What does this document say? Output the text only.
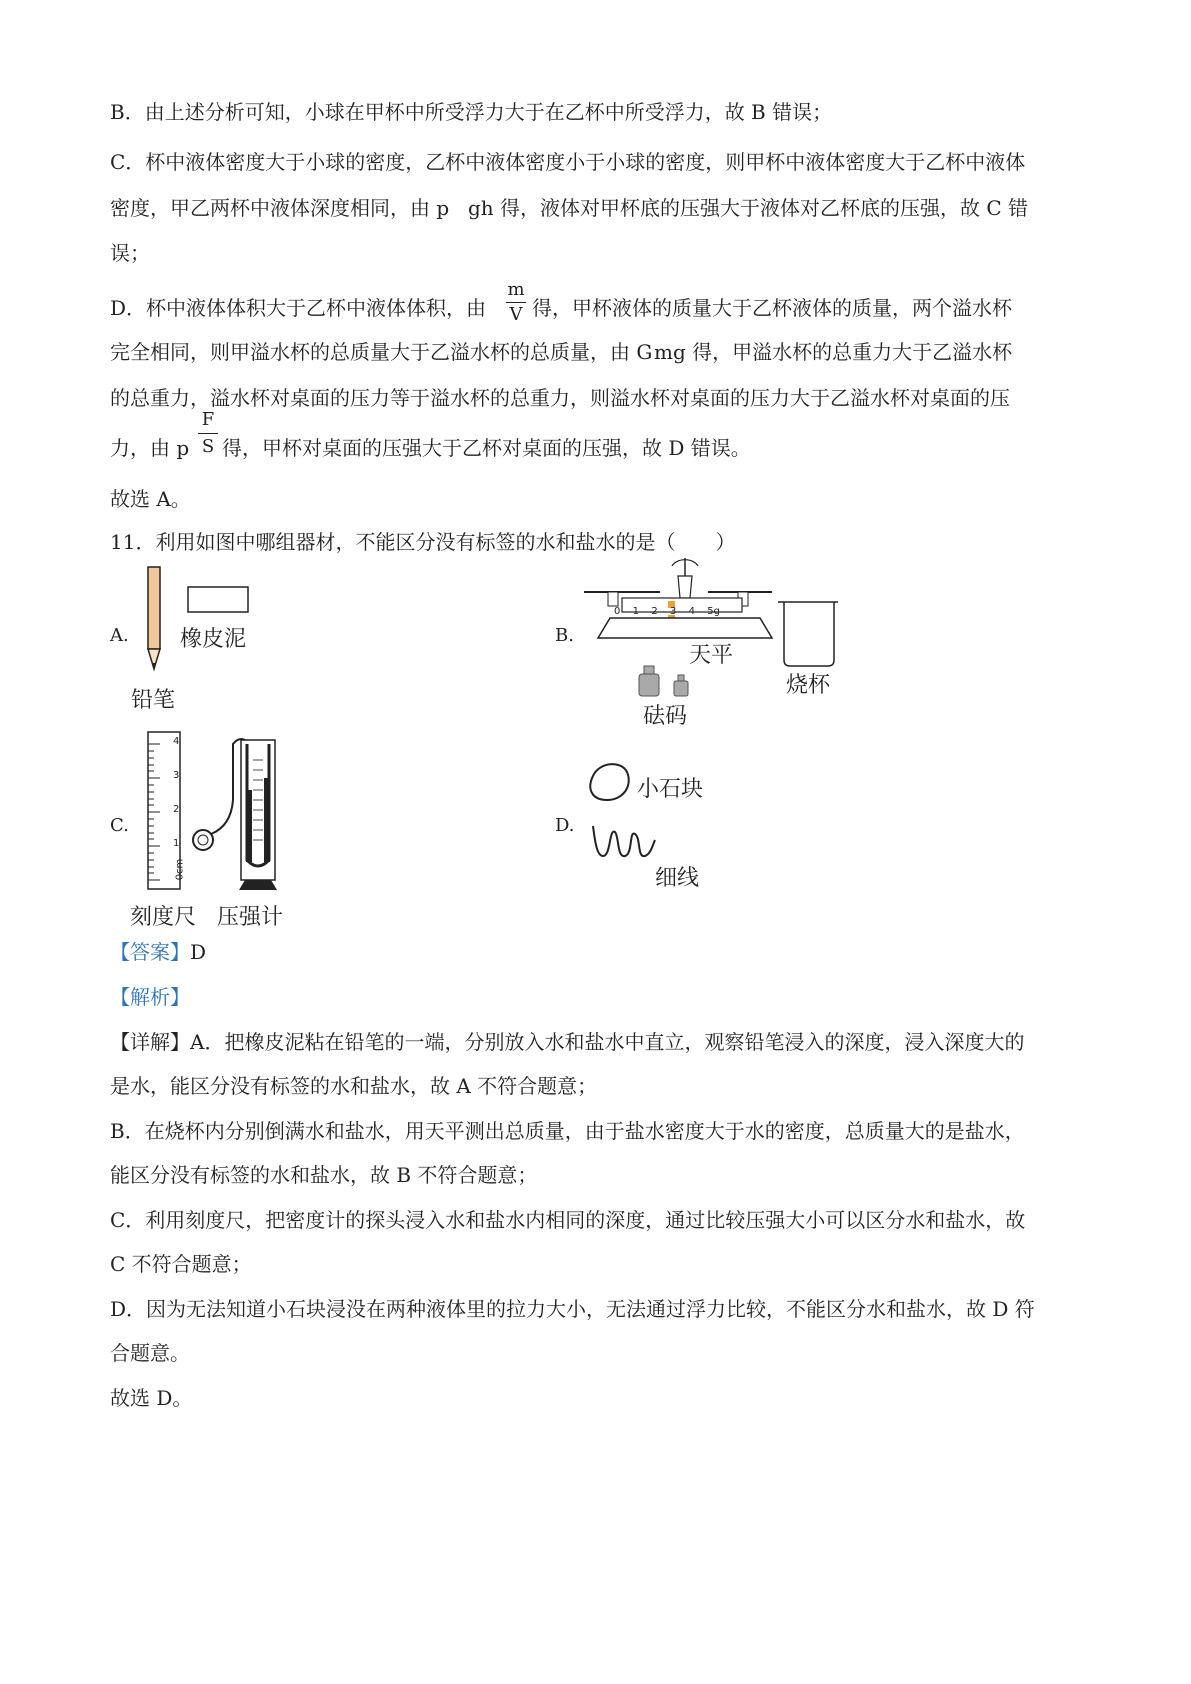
B．由上述分析可知，小球在甲杯中所受浮力大于在乙杯中所受浮力，故 B 错误；
C．杯中液体密度大于小球的密度，乙杯中液体密度小于小球的密度，则甲杯中液体密度大于乙杯中液体
密度，甲乙两杯中液体深度相同，由 p gh 得，液体对甲杯底的压强大于液体对乙杯底的压强，故 C 错
误；
D．杯中液体体积大于乙杯中液体体积，由
m
V 得，甲杯液体的质量大于乙杯液体的质量，两个溢水杯
完全相同，则甲溢水杯的总质量大于乙溢水杯的总质量，由 G mg 得，甲溢水杯的总重力大于乙溢水杯
的总重力，溢水杯对桌面的压力等于溢水杯的总重力，则溢水杯对桌面的压力大于乙溢水杯对桌面的压
力，由 p
F
S 得，甲杯对桌面的压强大于乙杯对桌面的压强，故 D 错误。
故选 A。
11．利用如图中哪组器材，不能区分没有标签的水和盐水的是（　　）
A. 橡皮泥
铅笔
B.
0 1 2 3 4 5g
天平
烧杯
砝码
C.
0cm
1
2
3
4
刻度尺 压强计
D.
小石块
细线
【答案】D
【解析】
【详解】A．把橡皮泥粘在铅笔的一端，分别放入水和盐水中直立，观察铅笔浸入的深度，浸入深度大的
是水，能区分没有标签的水和盐水，故 A 不符合题意；
B．在烧杯内分别倒满水和盐水，用天平测出总质量，由于盐水密度大于水的密度，总质量大的是盐水，
能区分没有标签的水和盐水，故 B 不符合题意；
C．利用刻度尺，把密度计的探头浸入水和盐水内相同的深度，通过比较压强大小可以区分水和盐水，故
C 不符合题意；
D．因为无法知道小石块浸没在两种液体里的拉力大小，无法通过浮力比较，不能区分水和盐水，故 D 符
合题意。
故选 D。
